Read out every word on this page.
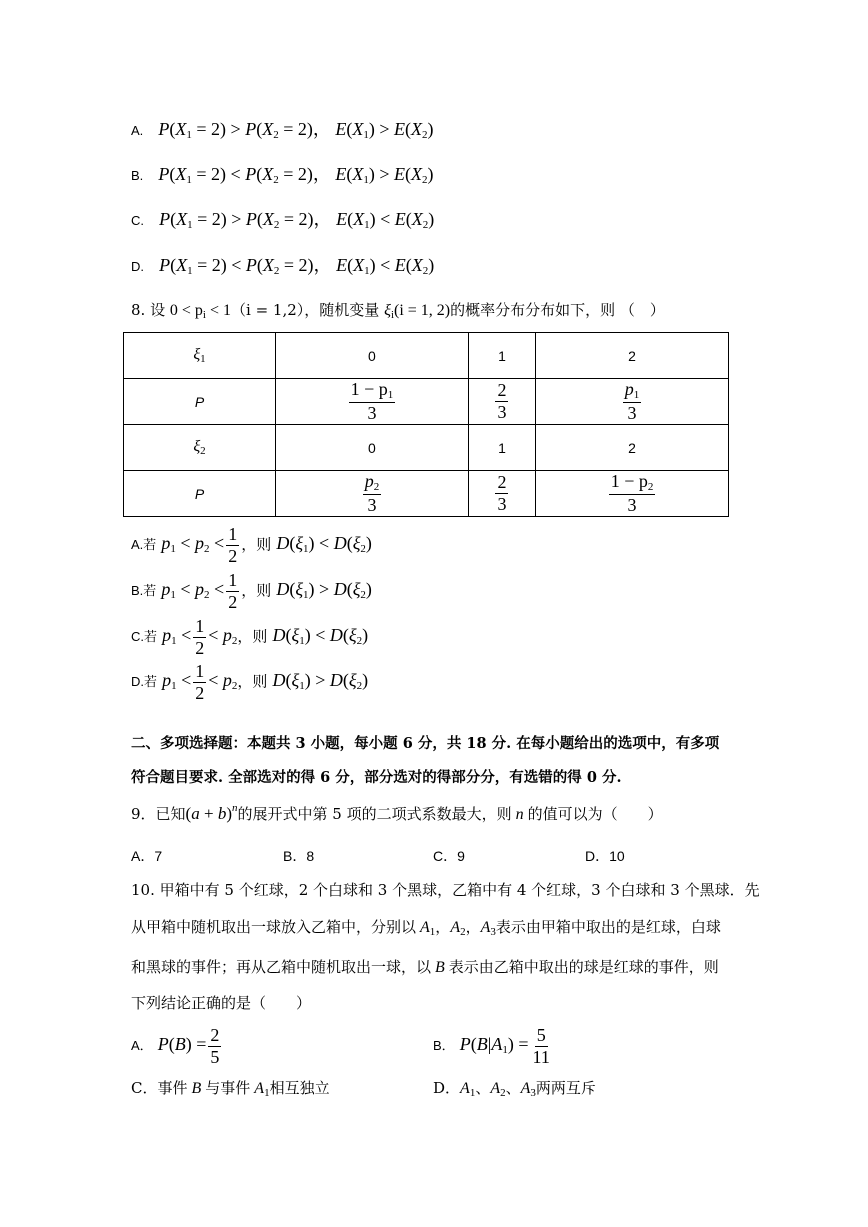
A. $P(X_1 = 2) > P(X_2 = 2)$， $E(X_1) > E(X_2)$
B. $P(X_1 = 2) < P(X_2 = 2)$， $E(X_1) > E(X_2)$
C. $P(X_1 = 2) > P(X_2 = 2)$， $E(X_1) < E(X_2)$
D. $P(X_1 = 2) < P(X_2 = 2)$， $E(X_1) < E(X_2)$
8. 设 $0 < p_i < 1(i = 1,2)$，随机变量 $\xi_i(i = 1$, 2)的概率分布分布如下，则 （　）
$\xi_1$	0	1	2
P	$\frac{1 - p_1}{3}$	$\frac{2}{3}$	$\frac{p_1}{3}$

$\xi_2$	0	1	2
P	$\frac{p_2}{3}$	$\frac{2}{3}$	$\frac{1 - p_2}{3}$
A.若 $p_1 < p_2 < \frac{1}{2}$ ，则 $D(\xi_1) < D(\xi_2)$
B.若 $p_1 < p_2 < \frac{1}{2}$ ，则 $D(\xi_1) > D(\xi_2)$
C.若 $p_1 < \frac{1}{2} < p_2$，则 $D(\xi_1) < D(\xi_2)$
D.若 $p_1 < \frac{1}{2} < p_2$，则 $D(\xi_1) > D(\xi_2)$
二、多项选择题：本题共 3 小题，每小题 6 分，共 18 分. 在每小题给出的选项中，有多项
符合题目要求. 全部选对的得 6 分，部分选对的得部分分，有选错的得 0 分.
9．已知$(a + b)^n$的展开式中第 5 项的二项式系数最大，则 n 的值可以为（　　）
A．7	B．8	C．9	D．10
10. 甲箱中有 5 个红球，2 个白球和 3 个黑球，乙箱中有 4 个红球，3 个白球和 3 个黑球．先
从甲箱中随机取出一球放入乙箱中，分别以 $A_1$，$A_2$，$A_3$表示由甲箱中取出的是红球，白球
和黑球的事件；再从乙箱中随机取出一球，以 B 表示由乙箱中取出的球是红球的事件，则
下列结论正确的是（　　）
A． $P(B) = \frac{2}{5}$	B． $P(B|A_1) = \frac{5}{11}$
C．事件 B 与事件 $A_1$相互独立	D．$A_1$、$A_2$、$A_3$两两互斥
